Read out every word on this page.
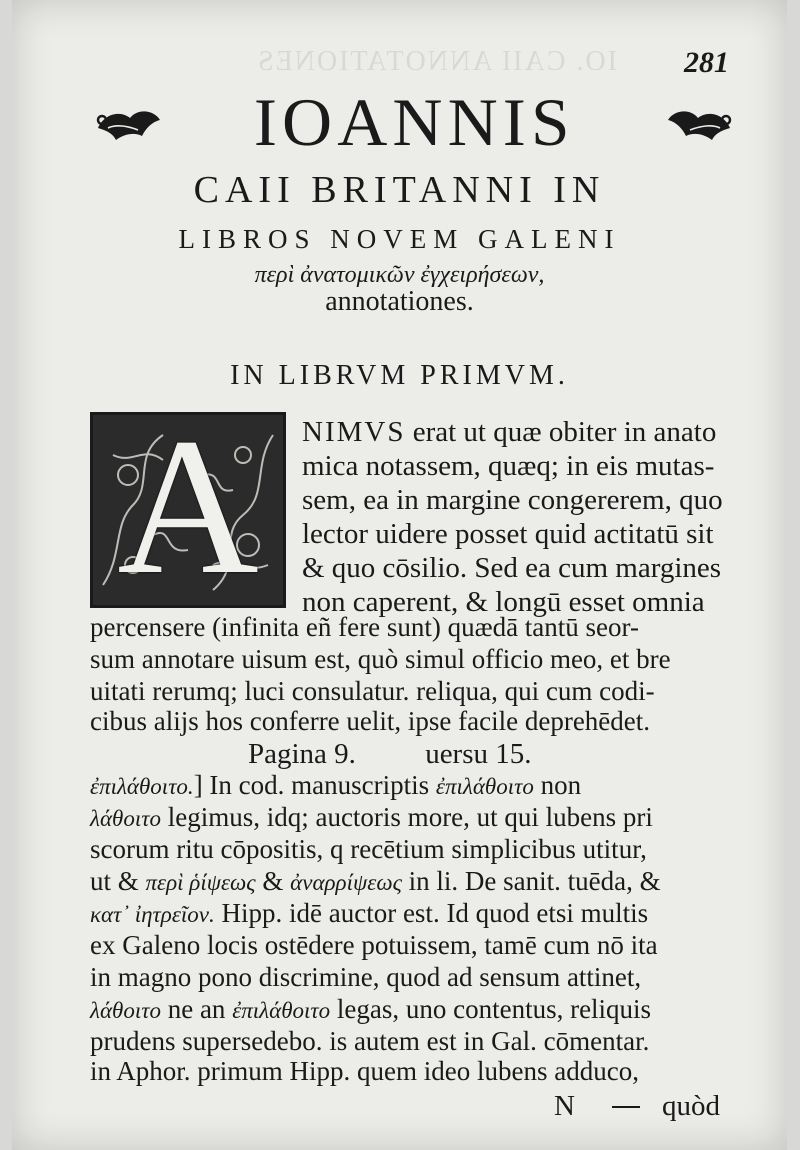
IO. CAII ANNOTATIONES 281
IOANNIS
CAII BRITANNI IN
LIBROS NOVEM GALENI
περὶ ἀνατομικῶν ἐγχειρήσεων,
annotationes.
IN LIBRVM PRIMVM.
A	NIMVS erat ut quæ obiter in anato
mica notassem, quæq; in eis mutas-
sem, ea in margine congererem, quo
lector uidere posset quid actitatū sit
& quo cōsilio. Sed ea cum margines
non caperent, & longū esset omnia
percensere (infinita eñ fere sunt) quædā tantū seor-
sum annotare uisum est, quò simul officio meo, et bre
uitati rerumq; luci consulatur. reliqua, qui cum codi-
Pagina 9. uersu 15.
ἐπιλάθοιτο.] In cod. manuscriptis ἐπιλάθοιτο non
λάθοιτο legimus, idq; auctoris more, ut qui lubens pri
scorum ritu cōpositis, q recētium simplicibus utitur,
ut & περὶ ῥίψεως & ἀναρρίψεως in li. De sanit. tuēda, &
κατ᾽ ἰητρεῖον. Hipp. idē auctor est. Id quod etsi multis
ex Galeno locis ostēdere potuissem, tamē cum nō ita
in magno pono discrimine, quod ad sensum attinet,
λάθοιτο ne an ἐπιλάθοιτο legas, uno contentus, reliquis
prudens supersedebo. is autem est in Gal. cōmentar.
N	quòd
cibus alijs hos conferre uelit, ipse facile deprehēdet.
in Aphor. primum Hipp. quem ideo lubens adduco,
